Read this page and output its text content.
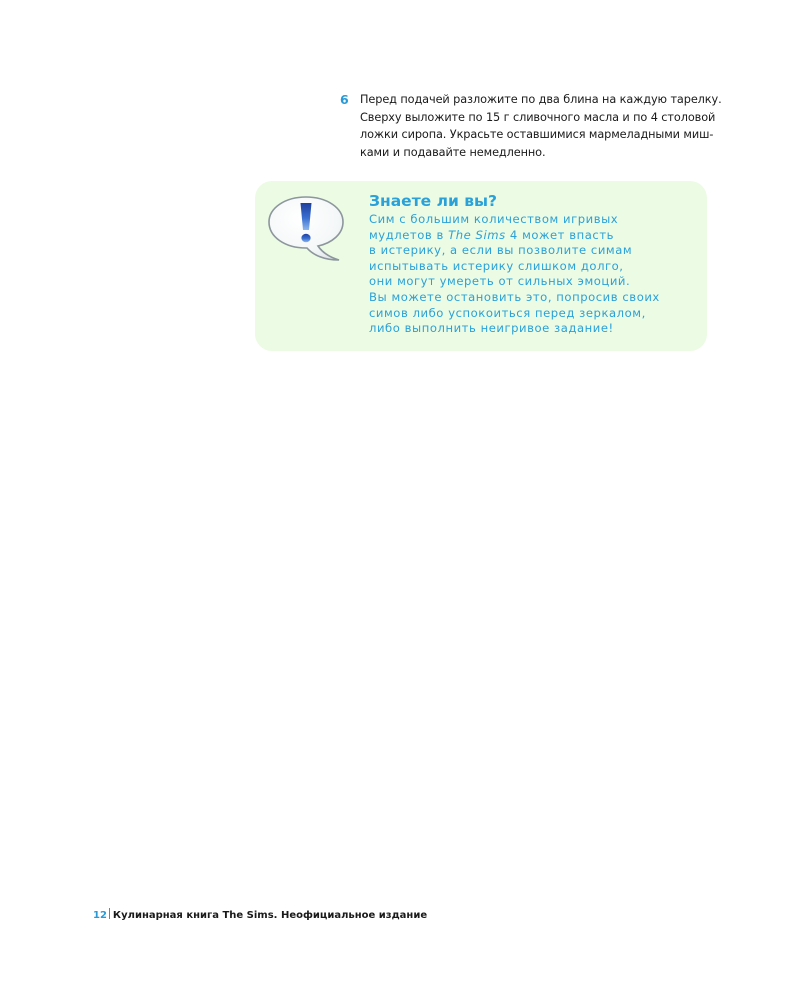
6 Перед подачей разложите по два блина на каждую тарелку.
Сверху выложите по 15 г сливочного масла и по 4 столовой
ложки сиропа. Украсьте оставшимися мармеладными миш-
ками и подавайте немедленно.

Знаете ли вы?

Сим с большим количеством игривых
мудлетов в The Sims 4 может впасть
в истерику, а если вы позволите симам
испытывать истерику слишком долго,
они могут умереть от сильных эмоций.
Вы можете остановить это, попросив своих
симов либо успокоиться перед зеркалом,
либо выполнить неигривое задание!

12 Кулинарная книга The Sims. Неофициальное издание
